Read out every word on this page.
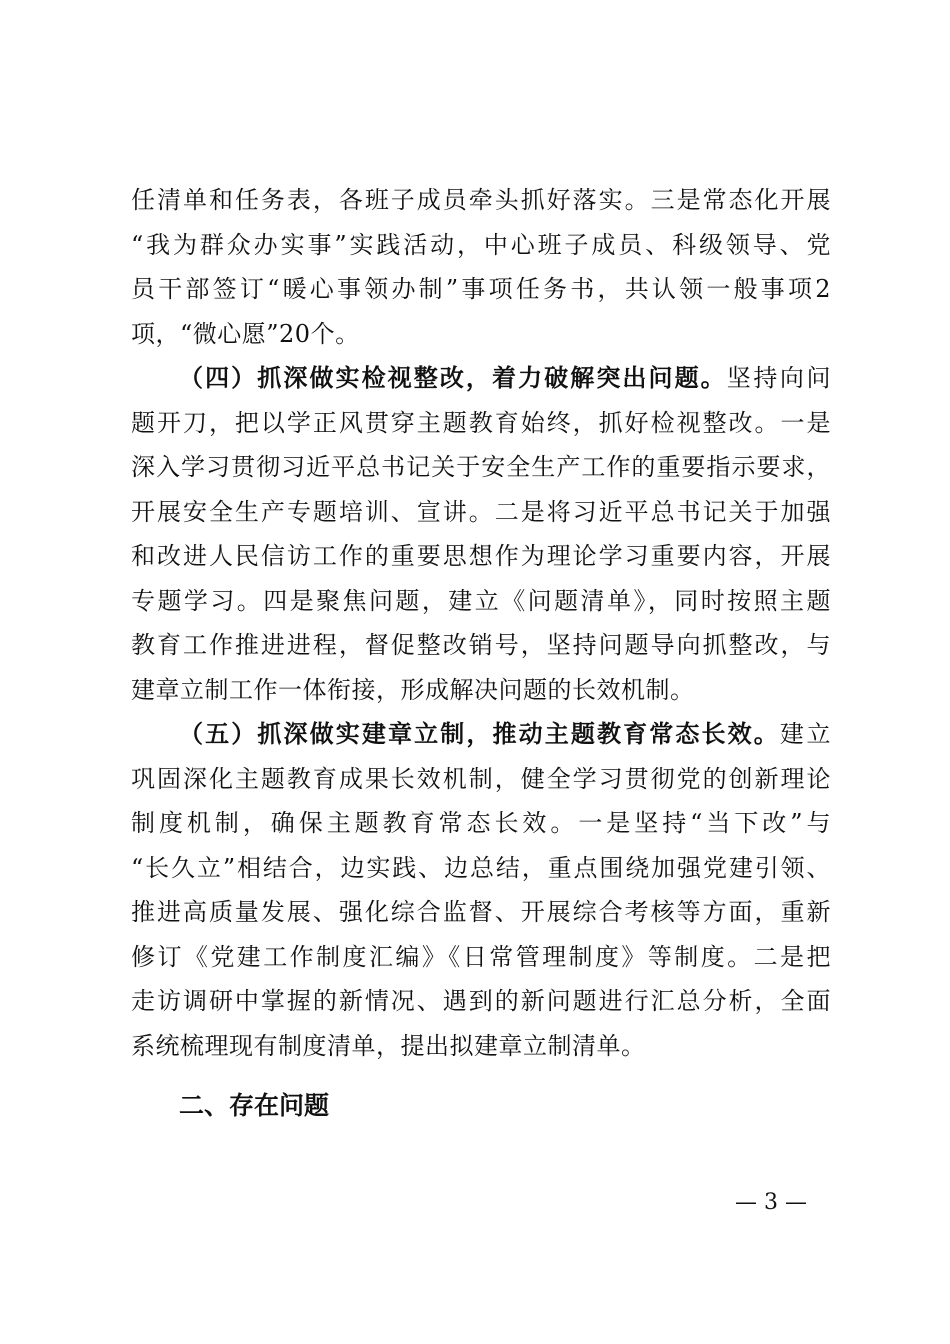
任清单和任务表，各班子成员牵头抓好落实。三是常态化开展
“我为群众办实事”实践活动，中心班子成员、科级领导、党
员干部签订“暖心事领办制”事项任务书，共认领一般事项2
项，“微心愿”20个。
（四）抓深做实检视整改，着力破解突出问题。坚持向问
题开刀，把以学正风贯穿主题教育始终，抓好检视整改。一是
深入学习贯彻习近平总书记关于安全生产工作的重要指示要求，
开展安全生产专题培训、宣讲。二是将习近平总书记关于加强
和改进人民信访工作的重要思想作为理论学习重要内容，开展
专题学习。四是聚焦问题，建立《问题清单》，同时按照主题
教育工作推进进程，督促整改销号，坚持问题导向抓整改，与
建章立制工作一体衔接，形成解决问题的长效机制。
（五）抓深做实建章立制，推动主题教育常态长效。建立
巩固深化主题教育成果长效机制，健全学习贯彻党的创新理论
制度机制，确保主题教育常态长效。一是坚持“当下改”与
“长久立”相结合，边实践、边总结，重点围绕加强党建引领、
推进高质量发展、强化综合监督、开展综合考核等方面，重新
修订《党建工作制度汇编》《日常管理制度》等制度。二是把
走访调研中掌握的新情况、遇到的新问题进行汇总分析，全面
系统梳理现有制度清单，提出拟建章立制清单。
二、存在问题
— 3 —
